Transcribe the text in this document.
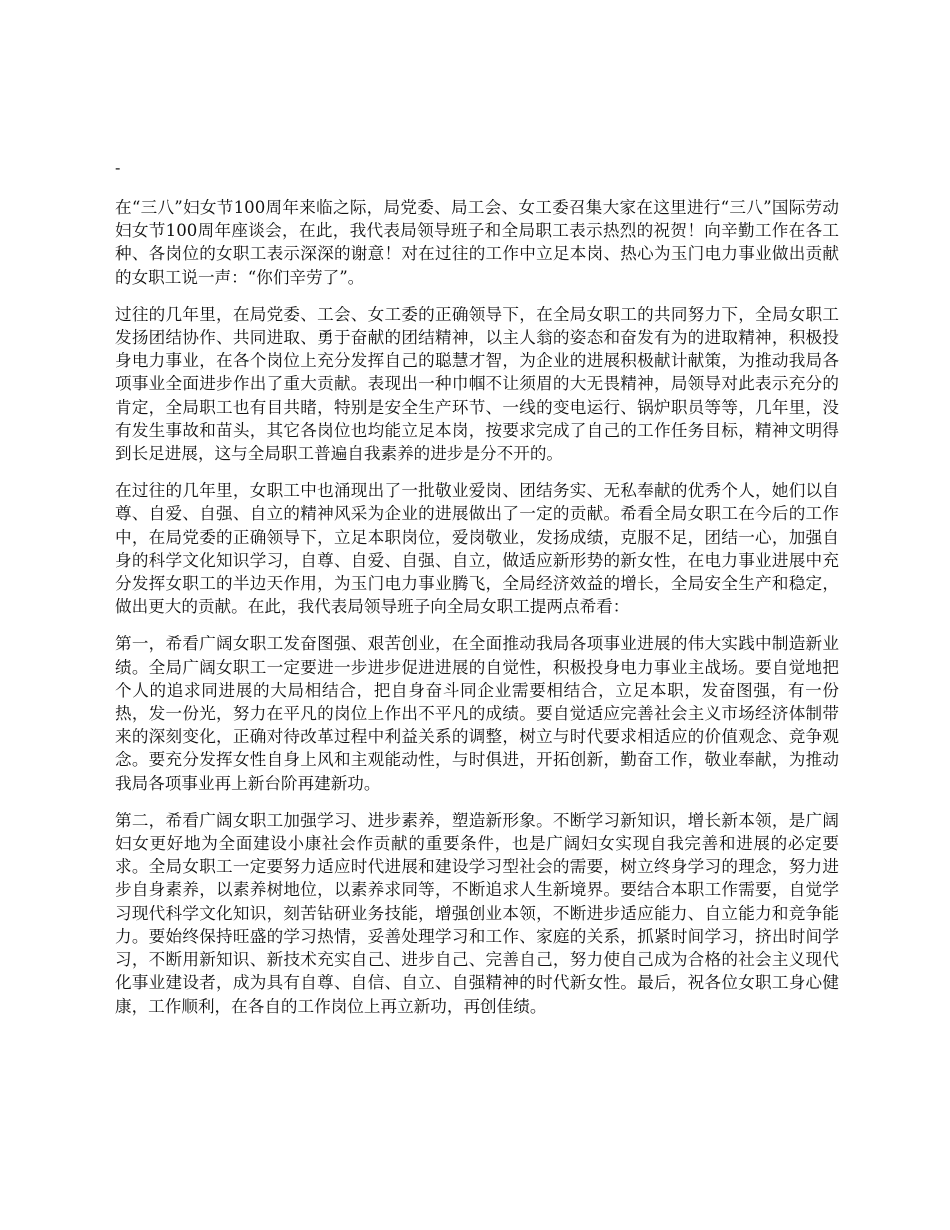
-

在“三八”妇女节100周年来临之际，局党委、局工会、女工委召集大家在这里进行“三八”国际劳动妇女节100周年座谈会，在此，我代表局领导班子和全局职工表示热烈的祝贺！向辛勤工作在各工种、各岗位的女职工表示深深的谢意！对在过往的工作中立足本岗、热心为玉门电力事业做出贡献的女职工说一声：“你们辛劳了”。

过往的几年里，在局党委、工会、女工委的正确领导下，在全局女职工的共同努力下，全局女职工发扬团结协作、共同进取、勇于奋献的团结精神，以主人翁的姿态和奋发有为的进取精神，积极投身电力事业，在各个岗位上充分发挥自己的聪慧才智，为企业的进展积极献计献策，为推动我局各项事业全面进步作出了重大贡献。表现出一种巾帼不让须眉的大无畏精神，局领导对此表示充分的肯定，全局职工也有目共睹，特别是安全生产环节、一线的变电运行、锅炉职员等等，几年里，没有发生事故和苗头，其它各岗位也均能立足本岗，按要求完成了自己的工作任务目标，精神文明得到长足进展，这与全局职工普遍自我素养的进步是分不开的。

在过往的几年里，女职工中也涌现出了一批敬业爱岗、团结务实、无私奉献的优秀个人，她们以自尊、自爱、自强、自立的精神风采为企业的进展做出了一定的贡献。希看全局女职工在今后的工作中，在局党委的正确领导下，立足本职岗位，爱岗敬业，发扬成绩，克服不足，团结一心，加强自身的科学文化知识学习，自尊、自爱、自强、自立，做适应新形势的新女性，在电力事业进展中充分发挥女职工的半边天作用，为玉门电力事业腾飞，全局经济效益的增长，全局安全生产和稳定，做出更大的贡献。在此，我代表局领导班子向全局女职工提两点希看：

第一，希看广阔女职工发奋图强、艰苦创业，在全面推动我局各项事业进展的伟大实践中制造新业绩。全局广阔女职工一定要进一步进步促进进展的自觉性，积极投身电力事业主战场。要自觉地把个人的追求同进展的大局相结合，把自身奋斗同企业需要相结合，立足本职，发奋图强，有一份热，发一份光，努力在平凡的岗位上作出不平凡的成绩。要自觉适应完善社会主义市场经济体制带来的深刻变化，正确对待改革过程中利益关系的调整，树立与时代要求相适应的价值观念、竞争观念。要充分发挥女性自身上风和主观能动性，与时俱进，开拓创新，勤奋工作，敬业奉献，为推动我局各项事业再上新台阶再建新功。

第二，希看广阔女职工加强学习、进步素养，塑造新形象。不断学习新知识，增长新本领，是广阔妇女更好地为全面建设小康社会作贡献的重要条件，也是广阔妇女实现自我完善和进展的必定要求。全局女职工一定要努力适应时代进展和建设学习型社会的需要，树立终身学习的理念，努力进步自身素养，以素养树地位，以素养求同等，不断追求人生新境界。要结合本职工作需要，自觉学习现代科学文化知识，刻苦钻研业务技能，增强创业本领，不断进步适应能力、自立能力和竞争能力。要始终保持旺盛的学习热情，妥善处理学习和工作、家庭的关系，抓紧时间学习，挤出时间学习，不断用新知识、新技术充实自己、进步自己、完善自己，努力使自己成为合格的社会主义现代化事业建设者，成为具有自尊、自信、自立、自强精神的时代新女性。最后，祝各位女职工身心健康，工作顺利，在各自的工作岗位上再立新功，再创佳绩。
